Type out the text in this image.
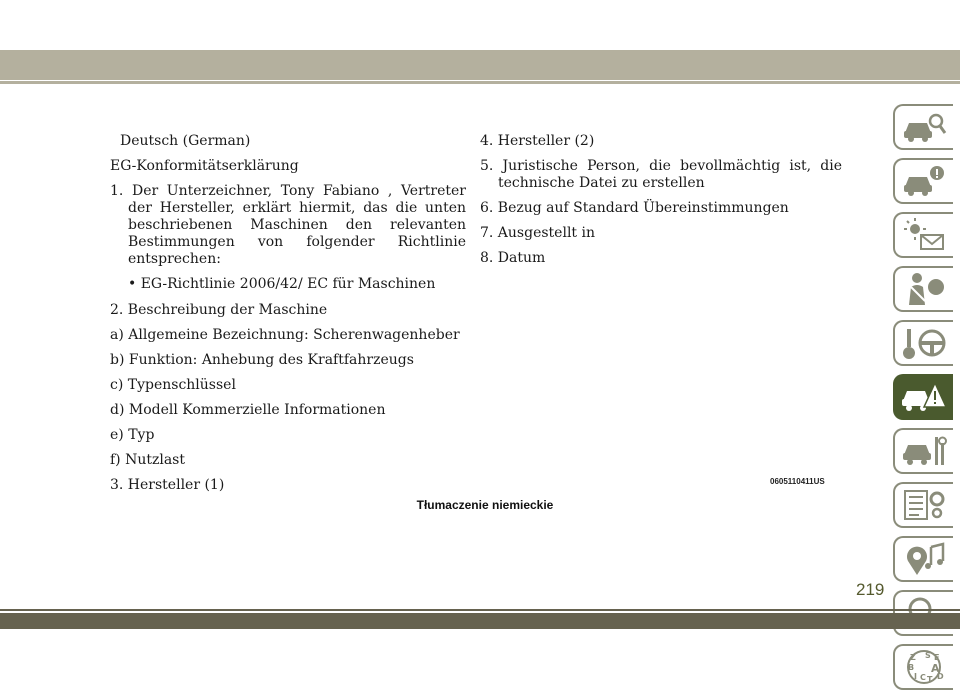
Deutsch (German)

EG-Konformitätserklärung

1. Der Unterzeichner, Tony Fabiano , Vertreter der Hersteller, erklärt hiermit, das die unten beschriebenen Maschinen den relevanten Bestimmungen von folgender Richtlinie entsprechen:

• EG-Richtlinie 2006/42/ EC für Maschinen

2. Beschreibung der Maschine

a) Allgemeine Bezeichnung: Scherenwagenheber

b) Funktion: Anhebung des Kraftfahrzeugs

c) Typenschlüssel

d) Modell Kommerzielle Informationen

e) Typ

f) Nutzlast

3. Hersteller (1)

4. Hersteller (2)

5. Juristische Person, die bevollmächtig ist, die technische Datei zu erstellen

6. Bezug auf Standard Übereinstimmungen

7. Ausgestellt in

8. Datum

0605110411US
Tłumaczenie niemieckie
Z S E
B A
I C T D
219
